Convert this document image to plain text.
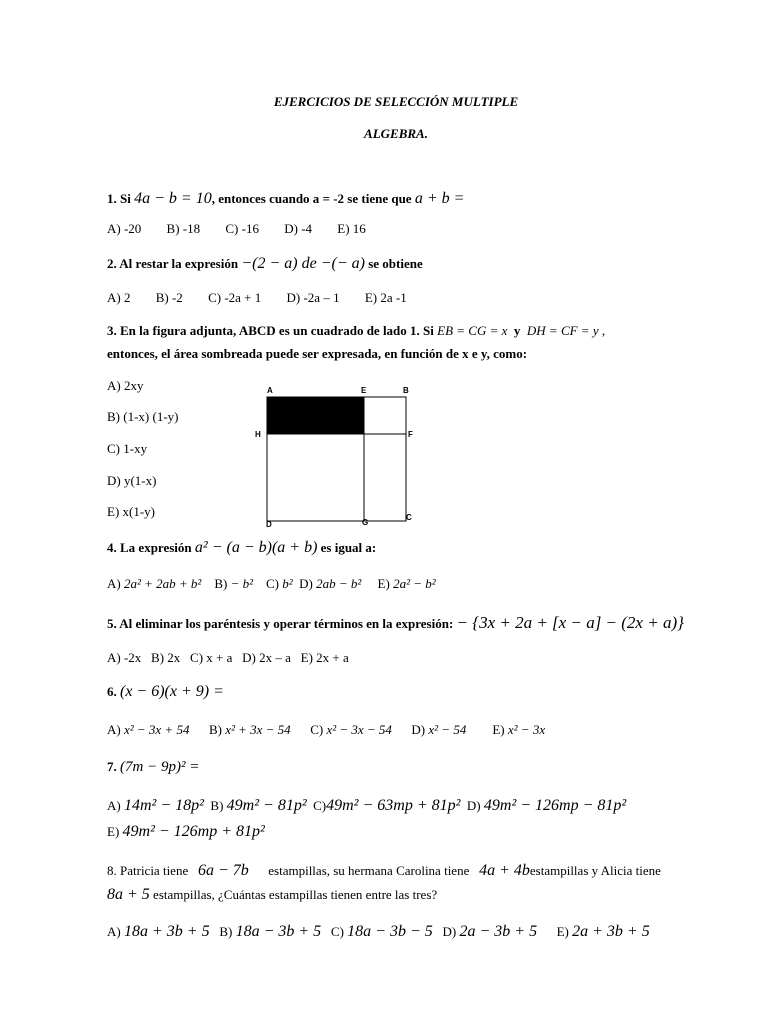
EJERCICIOS DE SELECCIÓN MULTIPLE
ALGEBRA.
1. Si 4a − b = 10, entonces cuando a = -2 se tiene que a + b =
A) -20 B) -18 C) -16 D) -4 E) 16
2. Al restar la expresión −(2 − a) de −(− a) se obtiene
A) 2 B) -2 C) -2a + 1 D) -2a – 1 E) 2a -1
3. En la figura adjunta, ABCD es un cuadrado de lado 1. Si EB = CG = x y DH = CF = y ,
entonces, el área sombreada puede ser expresada, en función de x e y, como:
A) 2xy
B) (1-x) (1-y)
C) 1-xy
D) y(1-x)
E) x(1-y)
A	E	B
H	F
D	G
C
4. La expresión a² − (a − b)(a + b) es igual a:
A) 2a² + 2ab + b² B) − b² C) b² D) 2ab − b² E) 2a² − b²
5. Al eliminar los paréntesis y operar términos en la expresión: − {3x + 2a + [x − a] − (2x + a)}
A) -2x B) 2x C) x + a D) 2x – a E) 2x + a
6. (x − 6)(x + 9) =
A) x² − 3x + 54 B) x² + 3x − 54 C) x² − 3x − 54 D) x² − 54 E) x² − 3x
7. (7m − 9p)² =
A) 14m² − 18p² B) 49m² − 81p² C)49m² − 63mp + 81p² D) 49m² − 126mp − 81p²
E) 49m² − 126mp + 81p²
8. Patricia tiene 6a − 7b estampillas, su hermana Carolina tiene 4a + 4bestampillas y Alicia tiene
8a + 5 estampillas, ¿Cuántas estampillas tienen entre las tres?
A) 18a + 3b + 5 B) 18a − 3b + 5 C) 18a − 3b − 5 D) 2a − 3b + 5 E) 2a + 3b + 5
